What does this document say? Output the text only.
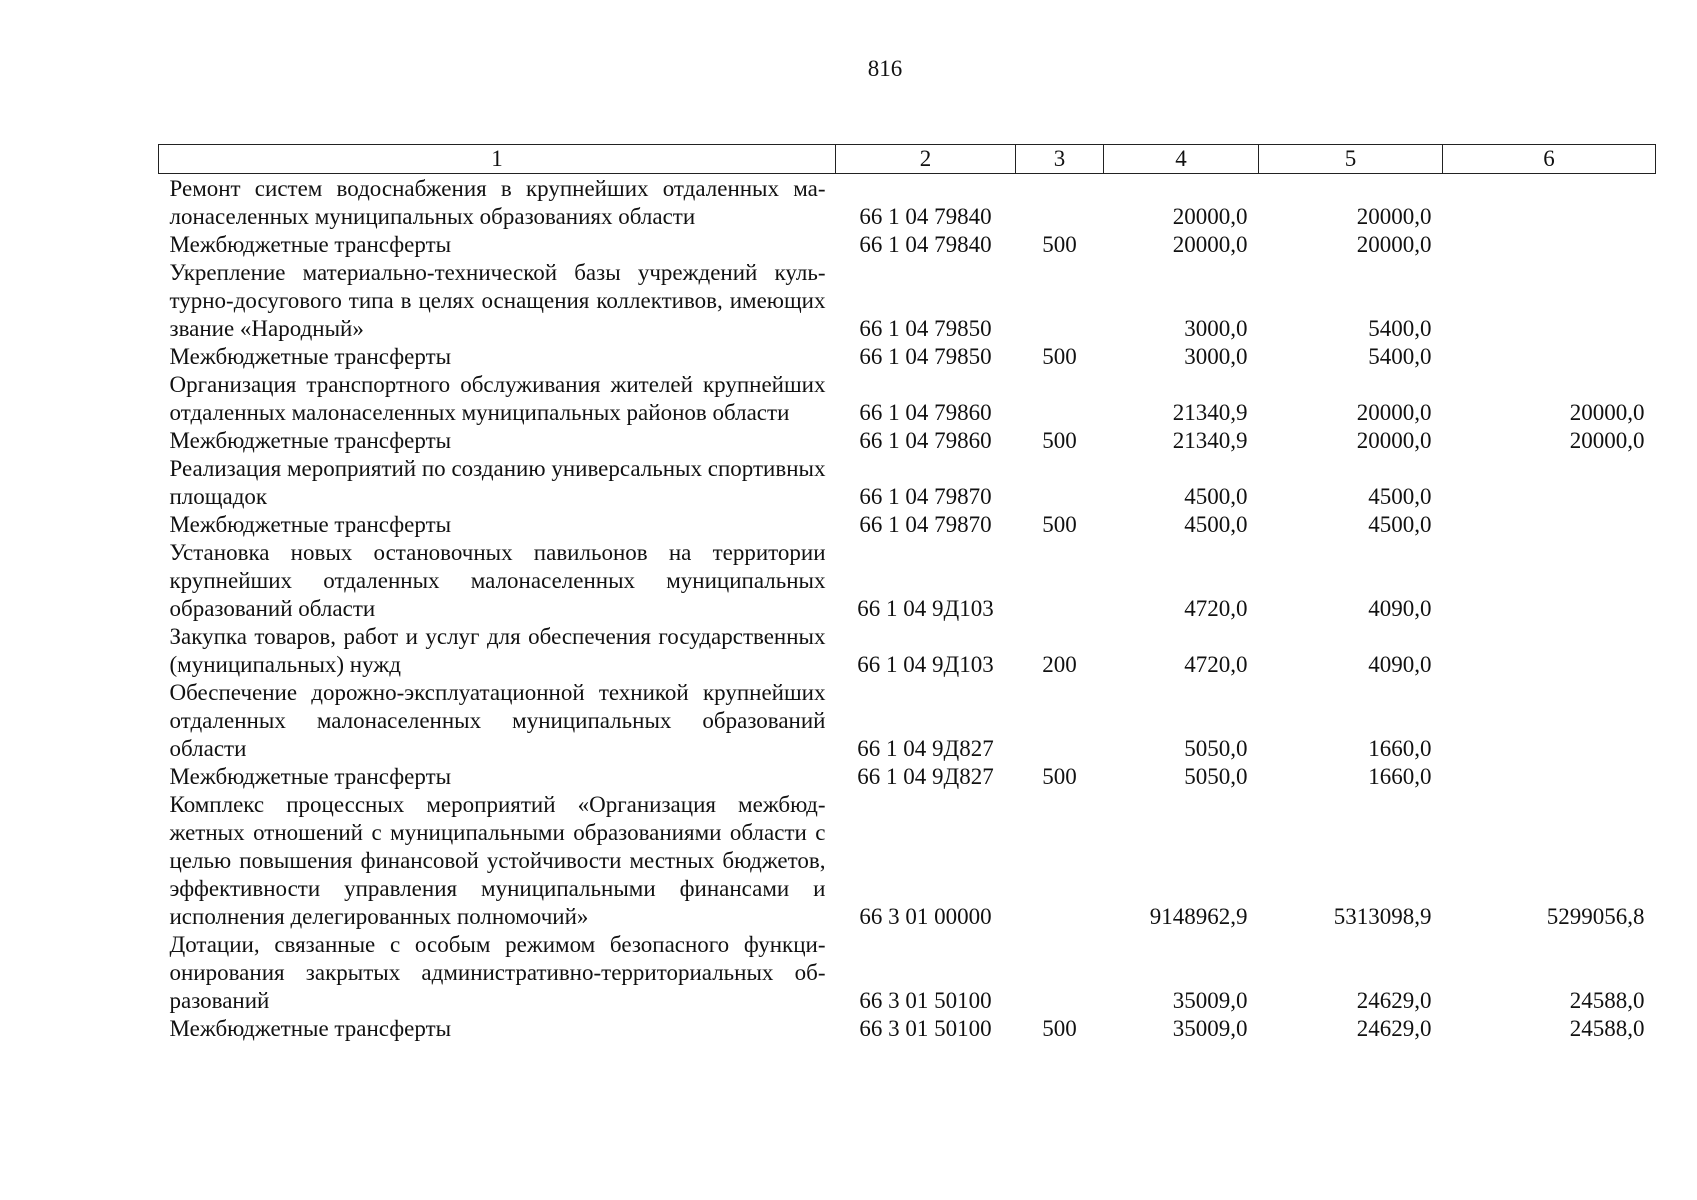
816
1	2	3	4	5	6
Ремонт систем водоснабжения в крупнейших отдаленных малонаселенных муниципальных образованиях области	66 1 04 79840		20000,0	20000,0	
Межбюджетные трансферты	66 1 04 79840	500	20000,0	20000,0	
Укрепление материально-технической базы учреждений культурно-досугового типа в целях оснащения коллективов, имеющих звание «Народный»	66 1 04 79850		3000,0	5400,0	
Межбюджетные трансферты	66 1 04 79850	500	3000,0	5400,0	
Организация транспортного обслуживания жителей крупнейших отдаленных малонаселенных муниципальных районов области	66 1 04 79860		21340,9	20000,0	20000,0
Межбюджетные трансферты	66 1 04 79860	500	21340,9	20000,0	20000,0
Реализация мероприятий по созданию универсальных спортивных площадок	66 1 04 79870		4500,0	4500,0	
Межбюджетные трансферты	66 1 04 79870	500	4500,0	4500,0	
Установка новых остановочных павильонов на территории крупнейших отдаленных малонаселенных муниципальных образований области	66 1 04 9Д103		4720,0	4090,0	
Закупка товаров, работ и услуг для обеспечения государственных (муниципальных) нужд	66 1 04 9Д103	200	4720,0	4090,0	
Обеспечение дорожно-эксплуатационной техникой крупнейших отдаленных малонаселенных муниципальных образований области	66 1 04 9Д827		5050,0	1660,0	
Межбюджетные трансферты	66 1 04 9Д827	500	5050,0	1660,0	
Комплекс процессных мероприятий «Организация межбюджетных отношений с муниципальными образованиями области с целью повышения финансовой устойчивости местных бюджетов, эффективности управления муниципальными финансами и исполнения делегированных полномочий»	66 3 01 00000		9148962,9	5313098,9	5299056,8
Дотации, связанные с особым режимом безопасного функционирования закрытых административно-территориальных образований	66 3 01 50100		35009,0	24629,0	24588,0
Межбюджетные трансферты	66 3 01 50100	500	35009,0	24629,0	24588,0
